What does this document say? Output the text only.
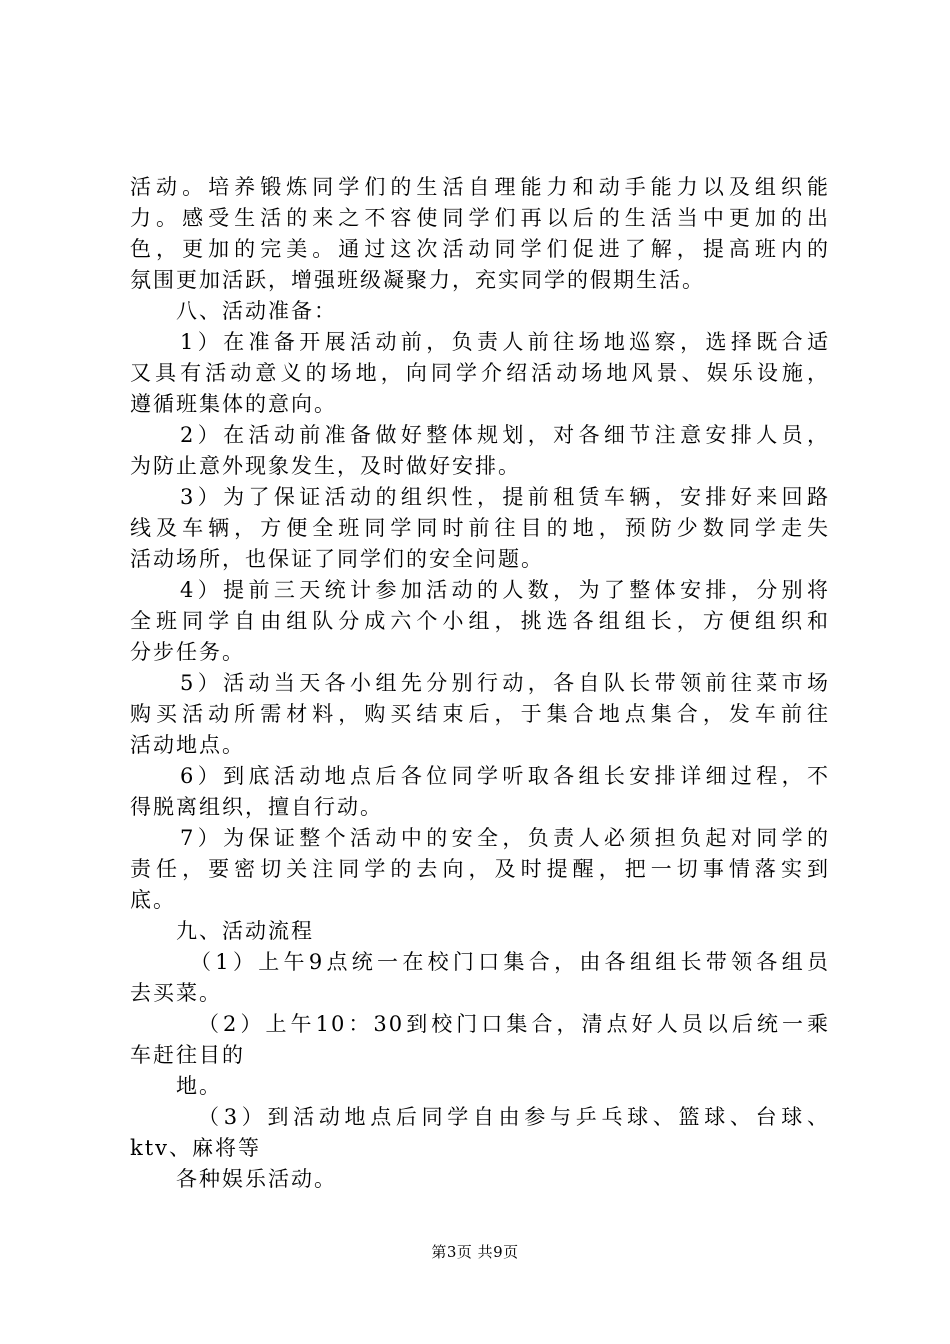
活动。培养锻炼同学们的生活自理能力和动手能力以及组织能
力。感受生活的来之不容使同学们再以后的生活当中更加的出
色，更加的完美。通过这次活动同学们促进了解，提高班内的
氛围更加活跃，增强班级凝聚力，充实同学的假期生活。
八、活动准备：
1）在准备开展活动前，负责人前往场地巡察，选择既合适
又具有活动意义的场地，向同学介绍活动场地风景、娱乐设施，
遵循班集体的意向。
2）在活动前准备做好整体规划，对各细节注意安排人员，
为防止意外现象发生，及时做好安排。
3）为了保证活动的组织性，提前租赁车辆，安排好来回路
线及车辆，方便全班同学同时前往目的地，预防少数同学走失
活动场所，也保证了同学们的安全问题。
4）提前三天统计参加活动的人数，为了整体安排，分别将
全班同学自由组队分成六个小组，挑选各组组长，方便组织和
分步任务。
5）活动当天各小组先分别行动，各自队长带领前往菜市场
购买活动所需材料，购买结束后，于集合地点集合，发车前往
活动地点。
6）到底活动地点后各位同学听取各组长安排详细过程，不
得脱离组织，擅自行动。
7）为保证整个活动中的安全，负责人必须担负起对同学的
责任，要密切关注同学的去向，及时提醒，把一切事情落实到
底。
九、活动流程
（1）上午9点统一在校门口集合，由各组组长带领各组员
去买菜。
（2）上午10：30到校门口集合，清点好人员以后统一乘
车赶往目的
地。
（3）到活动地点后同学自由参与乒乓球、篮球、台球、
ktv、麻将等
各种娱乐活动。
第3页 共9页
